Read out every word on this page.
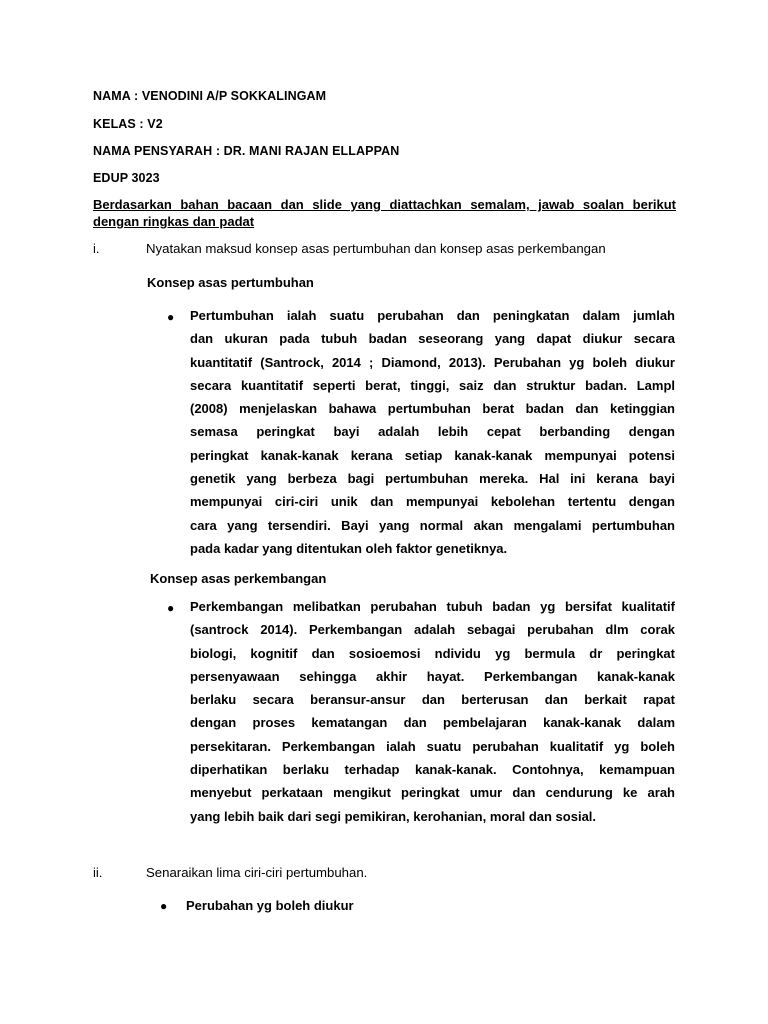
NAMA : VENODINI A/P SOKKALINGAM
KELAS : V2
NAMA PENSYARAH : DR. MANI RAJAN ELLAPPAN
EDUP 3023
Berdasarkan bahan bacaan dan slide yang diattachkan semalam, jawab soalan berikut dengan ringkas dan padat
i.	Nyatakan maksud konsep asas pertumbuhan dan konsep asas perkembangan
Konsep asas pertumbuhan
● Pertumbuhan ialah suatu perubahan dan peningkatan dalam jumlah
dan ukuran pada tubuh badan seseorang yang dapat diukur secara
kuantitatif (Santrock, 2014 ; Diamond, 2013). Perubahan yg boleh diukur
secara kuantitatif seperti berat, tinggi, saiz dan struktur badan. Lampl
(2008) menjelaskan bahawa pertumbuhan berat badan dan ketinggian
semasa peringkat bayi adalah lebih cepat berbanding dengan
peringkat kanak-kanak kerana setiap kanak-kanak mempunyai potensi
genetik yang berbeza bagi pertumbuhan mereka. Hal ini kerana bayi
mempunyai ciri-ciri unik dan mempunyai kebolehan tertentu dengan
cara yang tersendiri. Bayi yang normal akan mengalami pertumbuhan
pada kadar yang ditentukan oleh faktor genetiknya.
Konsep asas perkembangan
● Perkembangan melibatkan perubahan tubuh badan yg bersifat kualitatif
(santrock 2014). Perkembangan adalah sebagai perubahan dlm corak
biologi, kognitif dan sosioemosi ndividu yg bermula dr peringkat
persenyawaan sehingga akhir hayat. Perkembangan kanak-kanak
berlaku secara beransur-ansur dan berterusan dan berkait rapat
dengan proses kematangan dan pembelajaran kanak-kanak dalam
persekitaran. Perkembangan ialah suatu perubahan kualitatif yg boleh
diperhatikan berlaku terhadap kanak-kanak. Contohnya, kemampuan
menyebut perkataan mengikut peringkat umur dan cendurung ke arah
yang lebih baik dari segi pemikiran, kerohanian, moral dan sosial.
ii.	Senaraikan lima ciri-ciri pertumbuhan.
● Perubahan yg boleh diukur
